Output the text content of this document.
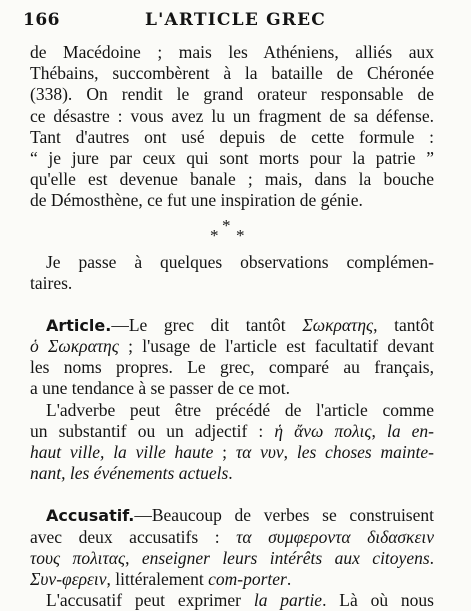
166	L'ARTICLE GREC
de Macédoine ; mais les Athéniens, alliés aux
Thébains, succombèrent à la bataille de Chéronée
(338). On rendit le grand orateur responsable de
ce désastre : vous avez lu un fragment de sa défense.
Tant d'autres ont usé depuis de cette formule :
“ je jure par ceux qui sont morts pour la patrie ”
qu'elle est devenue banale ; mais, dans la bouche
de Démosthène, ce fut une inspiration de génie.
*
* *
Je passe à quelques observations complémen-
taires.
Article.—Le grec dit tantôt Σωκρατης, tantôt
ὁ Σωκρατης ; l'usage de l'article est facultatif devant
les noms propres. Le grec, comparé au français,
a une tendance à se passer de ce mot.
L'adverbe peut être précédé de l'article comme
un substantif ou un adjectif : ἡ ἄνω πολις, la en-
haut ville, la ville haute ; τα νυν, les choses mainte-
nant, les événements actuels.
Accusatif.—Beaucoup de verbes se construisent
avec deux accusatifs : τα συμφεροντα διδασκειν
τους πολιτας, enseigner leurs intérêts aux citoyens.
Συν-φερειν, littéralement com-porter.
L'accusatif peut exprimer la partie. Là où nous
